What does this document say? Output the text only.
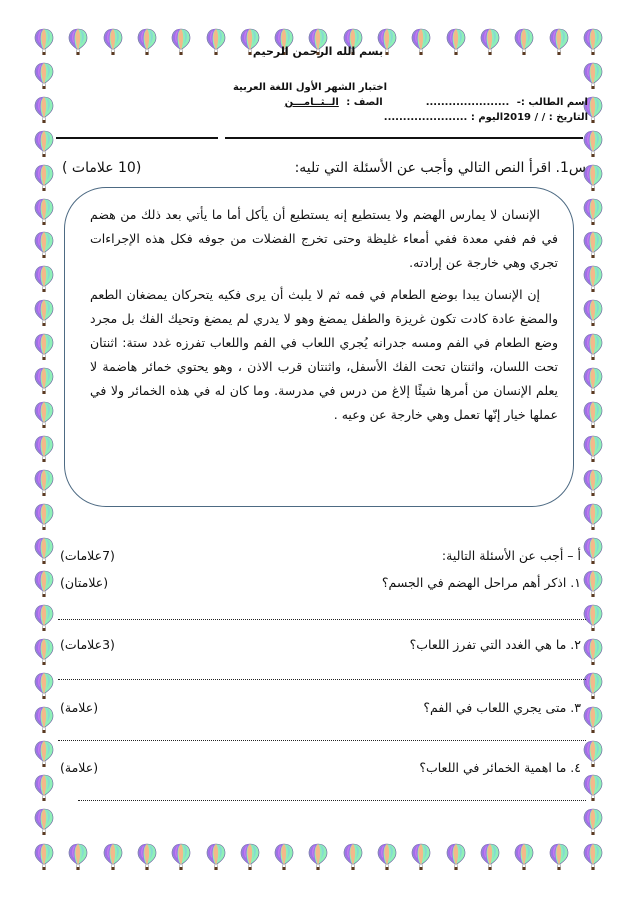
بسم الله الرحمن الرحيم
اختبار الشهر الأول اللغة العربية
اسم الطالب :- ......................  الصف : الــثــامـــن
التاريخ : / / 2019اليوم : ......................
س1. اقرأ النص التالي وأجب عن الأسئلة التي تليه:
(10 علامات )

الإنسان لا يمارس الهضم ولا يستطيع إنه يستطيع أن يأكل أما ما يأتي بعد ذلك من هضم في فم ففي معدة ففي أمعاء غليظة وحتى تخرج الفضلات من جوفه فكل هذه الإجراءات تجري وهي خارجة عن إرادته.

إن الإنسان يبدا بوضع الطعام في فمه ثم لا يلبث أن يرى فكيه يتحركان يمضغان الطعم والمضغ عادة كادت تكون غريزة والطفل يمضغ وهو لا يدري لم يمضغ وتحيك الفك بل مجرد وضع الطعام في الفم ومسه جدرانه يُجري اللعاب في الفم واللعاب تفرزه غدد ستة: اثنتان تحت اللسان، واثنتان تحت الفك الأسفل، واثنتان قرب الاذن ، وهو يحتوي خمائر هاضمة لا يعلم الإنسان من أمرها شيئًا إلاغ من درس في مدرسة. وما كان له في هذه الخمائر ولا في عملها خيار إنّها تعمل وهي خارجة عن وعيه .

أ – أجب عن الأسئلة التالية:
(7علامات)
١. اذكر أهم مراحل الهضم في الجسم؟
(علامتان)
٢. ما هي الغدد التي تفرز اللعاب؟
(3علامات)
٣. متى يجري اللعاب في الفم؟
(علامة)
٤. ما اهمية الخمائر في اللعاب؟
(علامة)
